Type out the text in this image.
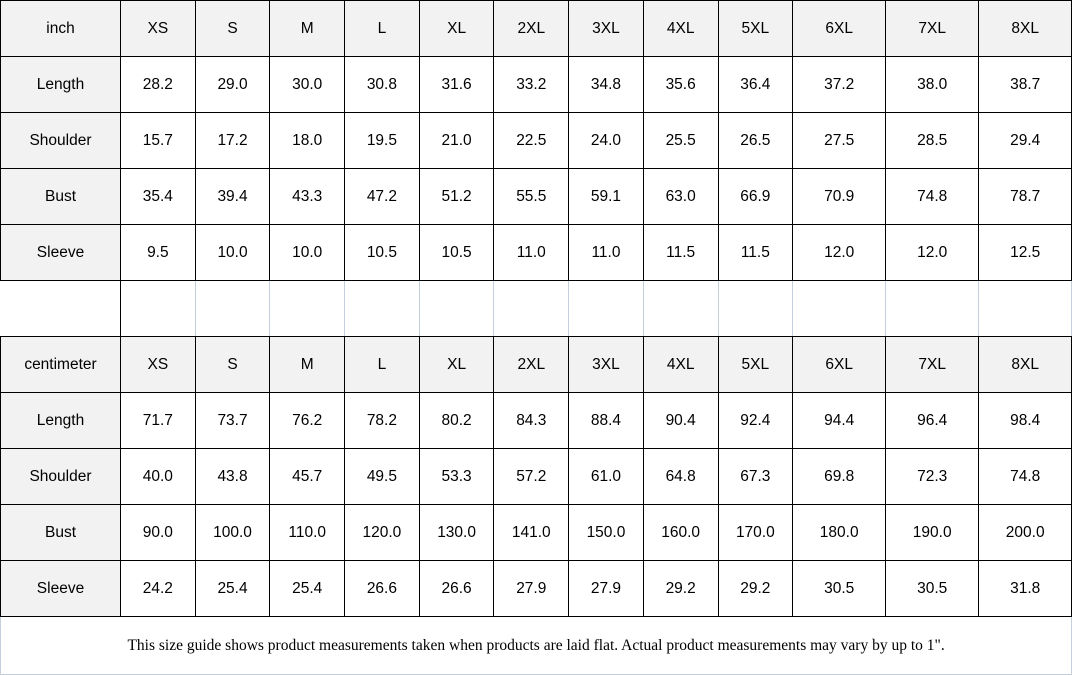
inch	XS	S	M	L	XL	2XL	3XL	4XL	5XL	6XL	7XL	8XL
Length	28.2	29.0	30.0	30.8	31.6	33.2	34.8	35.6	36.4	37.2	38.0	38.7
Shoulder	15.7	17.2	18.0	19.5	21.0	22.5	24.0	25.5	26.5	27.5	28.5	29.4
Bust	35.4	39.4	43.3	47.2	51.2	55.5	59.1	63.0	66.9	70.9	74.8	78.7
Sleeve	9.5	10.0	10.0	10.5	10.5	11.0	11.0	11.5	11.5	12.0	12.0	12.5

centimeter	XS	S	M	L	XL	2XL	3XL	4XL	5XL	6XL	7XL	8XL
Length	71.7	73.7	76.2	78.2	80.2	84.3	88.4	90.4	92.4	94.4	96.4	98.4
Shoulder	40.0	43.8	45.7	49.5	53.3	57.2	61.0	64.8	67.3	69.8	72.3	74.8
Bust	90.0	100.0	110.0	120.0	130.0	141.0	150.0	160.0	170.0	180.0	190.0	200.0
Sleeve	24.2	25.4	25.4	26.6	26.6	27.9	27.9	29.2	29.2	30.5	30.5	31.8
This size guide shows product measurements taken when products are laid flat. Actual product measurements may vary by up to 1".												
